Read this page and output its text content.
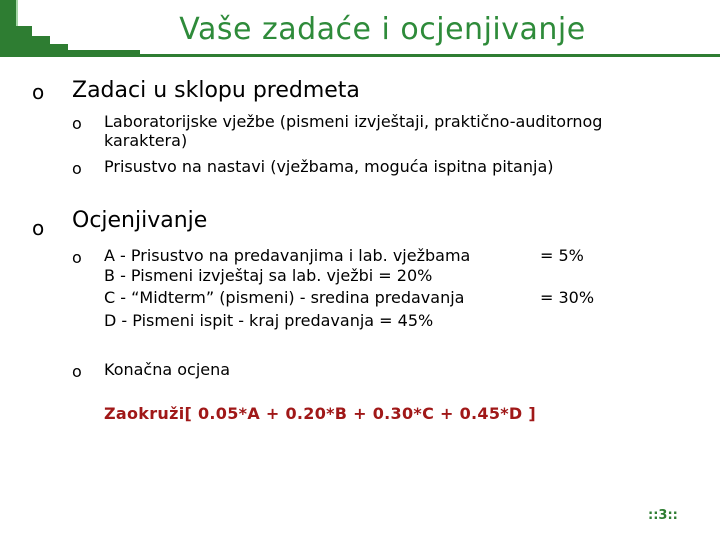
Vaše zadaće i ocjenjivanje
o Zadaci u sklopu predmeta
o Laboratorijske vježbe (pismeni izvještaji, praktično-auditornog
karaktera)
o Prisustvo na nastavi (vježbama, moguća ispitna pitanja)
o Ocjenjivanje
o A - Prisustvo na predavanjima i lab. vježbama	= 5%
B - Pismeni izvještaj sa lab. vježbi = 20%
C - “Midterm” (pismeni) - sredina predavanja	= 30%
D - Pismeni ispit - kraj predavanja = 45%
o Konačna ocjena
Zaokruži[ 0.05*A + 0.20*B + 0.30*C + 0.45*D ]
::3::
